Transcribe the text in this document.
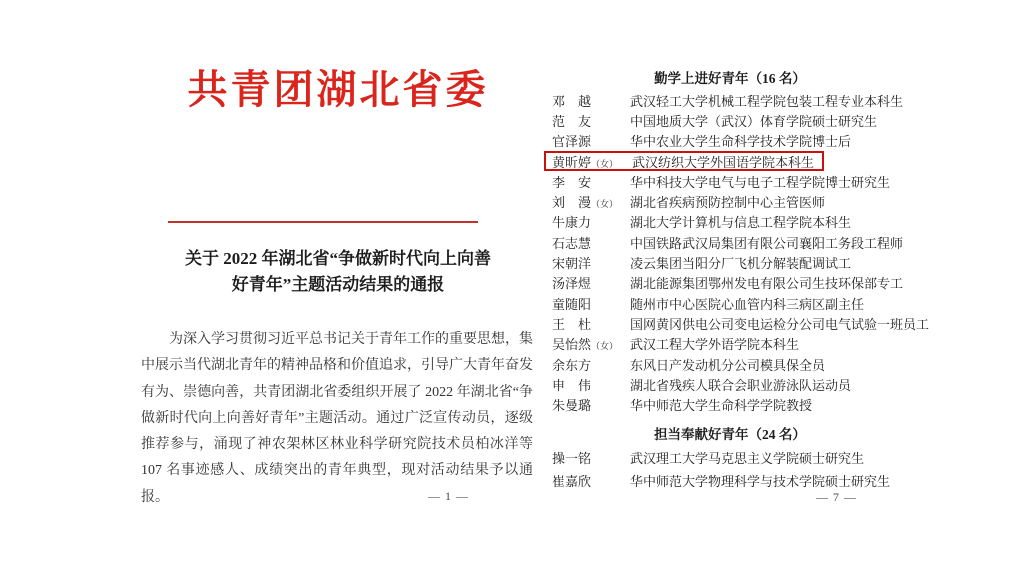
共青团湖北省委
关于 2022 年湖北省“争做新时代向上向善
好青年”主题活动结果的通报
为深入学习贯彻习近平总书记关于青年工作的重要思想，集中展示当代湖北青年的精神品格和价值追求，引导广大青年奋发有为、崇德向善，共青团湖北省委组织开展了 2022 年湖北省“争做新时代向上向善好青年”主题活动。通过广泛宣传动员，逐级推荐参与，涌现了神农架林区林业科学研究院技术员柏冰洋等 107 名事迹感人、成绩突出的青年典型，现对活动结果予以通报。	— 1 —
勤学上进好青年（16 名）
邓　越	武汉轻工大学机械工程学院包装工程专业本科生
范　友	中国地质大学（武汉）体育学院硕士研究生
官泽源	华中农业大学生命科学技术学院博士后
黄昕婷（女）	武汉纺织大学外国语学院本科生
李　安	华中科技大学电气与电子工程学院博士研究生
刘　漫（女） 湖北省疾病预防控制中心主管医师
牛康力	湖北大学计算机与信息工程学院本科生
石志慧	中国铁路武汉局集团有限公司襄阳工务段工程师
宋朝洋	凌云集团当阳分厂飞机分解装配调试工
汤泽煜	湖北能源集团鄂州发电有限公司生技环保部专工
童随阳	随州市中心医院心血管内科三病区副主任
王　杜	国网黄冈供电公司变电运检分公司电气试验一班员工
吴怡然（女） 武汉工程大学外语学院本科生
余东方	东风日产发动机分公司模具保全员
申　伟	湖北省残疾人联合会职业游泳队运动员
朱曼璐	华中师范大学生命科学学院教授
担当奉献好青年（24 名）
操一铭	武汉理工大学马克思主义学院硕士研究生
崔嘉欣	华中师范大学物理科学与技术学院硕士研究生
— 7 —
